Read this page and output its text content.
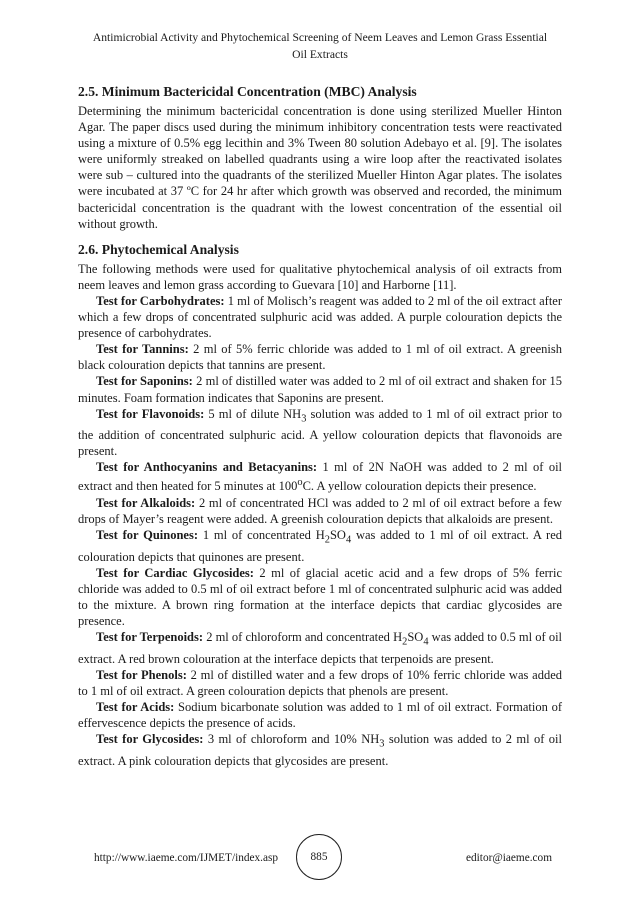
Antimicrobial Activity and Phytochemical Screening of Neem Leaves and Lemon Grass Essential
Oil Extracts
2.5. Minimum Bactericidal Concentration (MBC) Analysis

Determining the minimum bactericidal concentration is done using sterilized Mueller Hinton Agar. The paper discs used during the minimum inhibitory concentration tests were reactivated using a mixture of 0.5% egg lecithin and 3% Tween 80 solution Adebayo et al. [9]. The isolates were uniformly streaked on labelled quadrants using a wire loop after the reactivated isolates were sub – cultured into the quadrants of the sterilized Mueller Hinton Agar plates. The isolates were incubated at 37 ºC for 24 hr after which growth was observed and recorded, the minimum bactericidal concentration is the quadrant with the lowest concentration of the essential oil without growth.

2.6. Phytochemical Analysis

The following methods were used for qualitative phytochemical analysis of oil extracts from neem leaves and lemon grass according to Guevara [10] and Harborne [11].

Test for Carbohydrates: 1 ml of Molisch’s reagent was added to 2 ml of the oil extract after which a few drops of concentrated sulphuric acid was added. A purple colouration depicts the presence of carbohydrates.

Test for Tannins: 2 ml of 5% ferric chloride was added to 1 ml of oil extract. A greenish black colouration depicts that tannins are present.

Test for Saponins: 2 ml of distilled water was added to 2 ml of oil extract and shaken for 15 minutes. Foam formation indicates that Saponins are present.

Test for Flavonoids: 5 ml of dilute $NH_3$ solution was added to 1 ml of oil extract prior to the addition of concentrated sulphuric acid. A yellow colouration depicts that flavonoids are present.

Test for Anthocyanins and Betacyanins: 1 ml of 2N NaOH was added to 2 ml of oil extract and then heated for 5 minutes at 100$^o$C. A yellow colouration depicts their presence.

Test for Alkaloids: 2 ml of concentrated HCl was added to 2 ml of oil extract before a few drops of Mayer’s reagent were added. A greenish colouration depicts that alkaloids are present.

Test for Quinones: 1 ml of concentrated $H_2SO_4$ was added to 1 ml of oil extract. A red colouration depicts that quinones are present.

Test for Cardiac Glycosides: 2 ml of glacial acetic acid and a few drops of 5% ferric chloride was added to 0.5 ml of oil extract before 1 ml of concentrated sulphuric acid was added to the mixture. A brown ring formation at the interface depicts that cardiac glycosides are presence.

Test for Terpenoids: 2 ml of chloroform and concentrated $H_2SO_4$ was added to 0.5 ml of oil extract. A red brown colouration at the interface depicts that terpenoids are present.

Test for Phenols: 2 ml of distilled water and a few drops of 10% ferric chloride was added to 1 ml of oil extract. A green colouration depicts that phenols are present.

Test for Acids: Sodium bicarbonate solution was added to 1 ml of oil extract. Formation of effervescence depicts the presence of acids.

Test for Glycosides: 3 ml of chloroform and 10% $NH_3$ solution was added to 2 ml of oil extract. A pink colouration depicts that glycosides are present.

http://www.iaeme.com/IJMET/index.asp	885	editor@iaeme.com
